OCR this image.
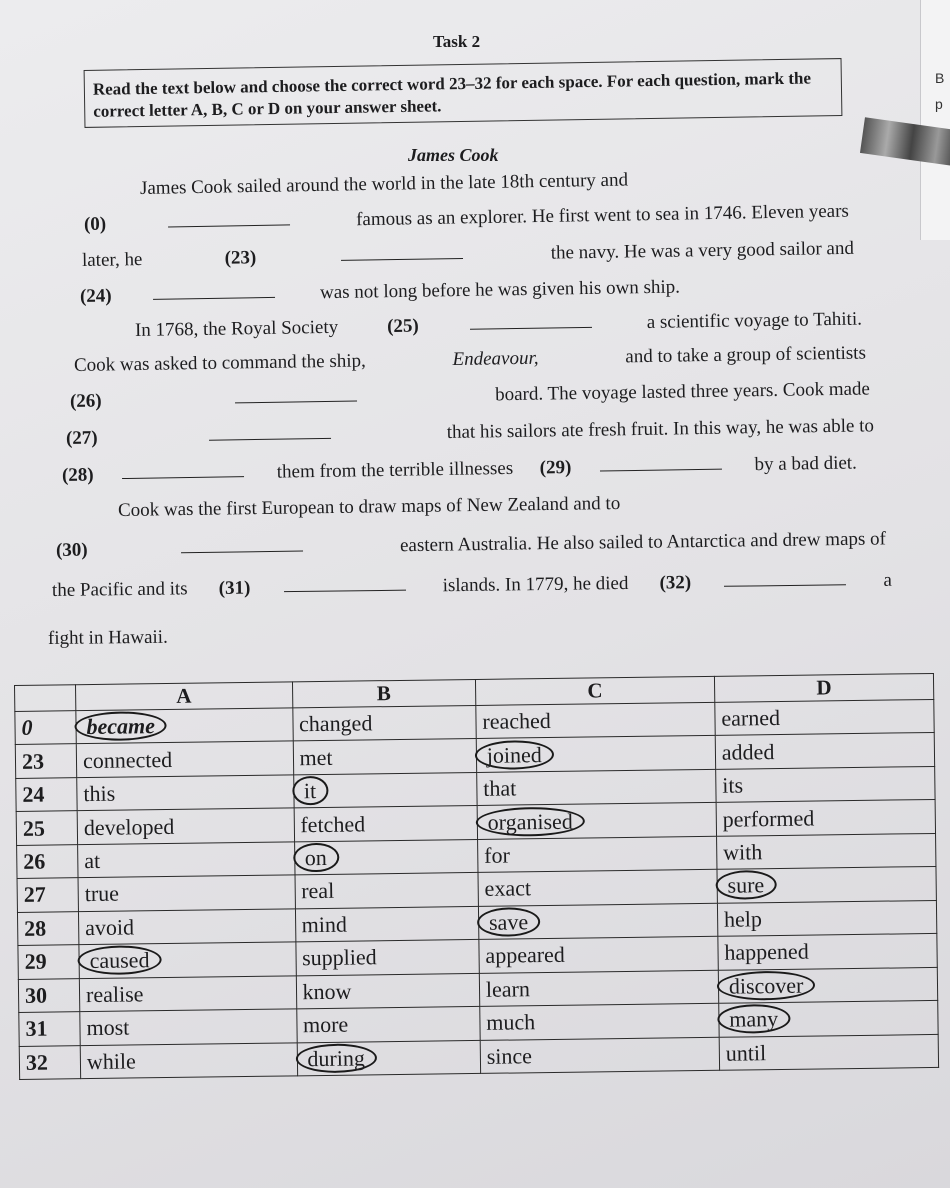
B
p
Task 2
Read the text below and choose the correct word 23–32 for each space. For each question, mark the correct letter A, B, C or D on your answer sheet.
James Cook
James Cook sailed around the world in the late 18th century and
(0)	famous as an explorer. He first went to sea in 1746. Eleven years
later, he	(23)	the navy. He was a very good sailor and
(24)	was not long before he was given his own ship.
In 1768, the Royal Society	(25)	a scientific voyage to Tahiti.
Cook was asked to command the ship,	Endeavour,	and to take a group of scientists
(26)	board. The voyage lasted three years. Cook made
(27)	that his sailors ate fresh fruit. In this way, he was able to
(28)	them from the terrible illnesses (29)	by a bad diet.
Cook was the first European to draw maps of New Zealand and to
(30)	eastern Australia. He also sailed to Antarctica and drew maps of
the Pacific and its (31)	islands. In 1779, he died (32)	a
fight in Hawaii.
	A	B	C	D
0	became	changed	reached	earned
23	connected	met	joined	added
24	this	it	that	its
25	developed	fetched	organised	performed
26	at	on	for	with
27	true	real	exact	sure
28	avoid	mind	save	help
29	caused	supplied	appeared	happened
30	realise	know	learn	discover
31	most	more	much	many
32	while	during	since	until
